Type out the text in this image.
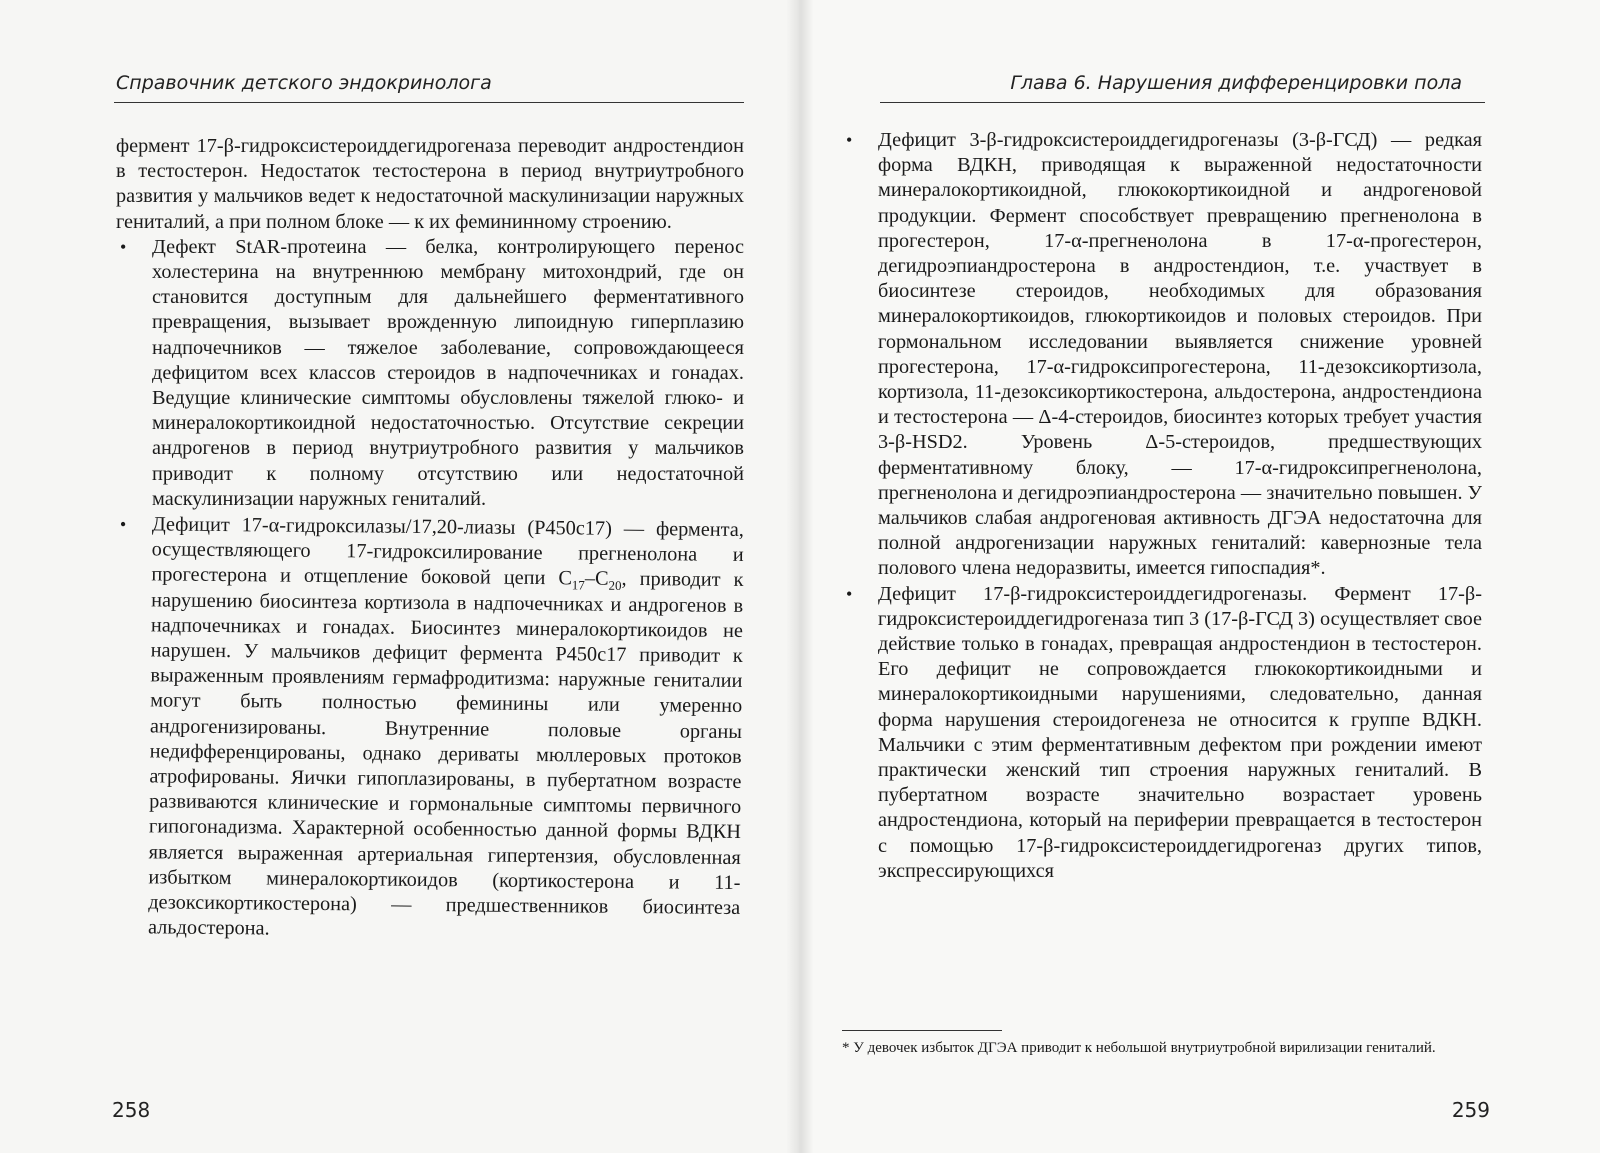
Справочник детского эндокринолога

фермент 17-β-гидроксистероиддегидрогеназа переводит андростендион в тестостерон. Недостаток тестостерона в период внутриутробного развития у мальчиков ведет к недостаточной маскулинизации наружных гениталий, а при полном блоке — к их фемининному строению.

• Дефект StAR-протеина — белка, контролирующего перенос холестерина на внутреннюю мембрану митохондрий, где он становится доступным для дальнейшего ферментативного превращения, вызывает врожденную липоидную гиперплазию надпочечников — тяжелое заболевание, сопровождающееся дефицитом всех классов стероидов в надпочечниках и гонадах. Ведущие клинические симптомы обусловлены тяжелой глюко- и минералокортикоидной недостаточностью. Отсутствие секреции андрогенов в период внутриутробного развития у мальчиков приводит к полному отсутствию или недостаточной маскулинизации наружных гениталий.
• Дефицит 17-α-гидроксилазы/17,20-лиазы (P450c17) — фермента, осуществляющего 17-гидроксилирование прегненолона и прогестерона и отщепление боковой цепи $C_{17}-C_{20}$, приводит к нарушению биосинтеза кортизола в надпочечниках и андрогенов в надпочечниках и гонадах. Биосинтез минералокортикоидов не нарушен. У мальчиков дефицит фермента P450c17 приводит к выраженным проявлениям гермафродитизма: наружные гениталии могут быть полностью феминины или умеренно андрогенизированы. Внутренние половые органы недифференцированы, однако дериваты мюллеровых протоков атрофированы. Яички гипоплазированы, в пубертатном возрасте развиваются клинические и гормональные симптомы первичного гипогонадизма. Характерной особенностью данной формы ВДКН является выраженная артериальная гипертензия, обусловленная избытком минералокортикоидов (кортикостерона и 11-дезоксикортикостерона) — предшественников биосинтеза альдостерона.
258
Глава 6. Нарушения дифференцировки пола
• Дефицит 3-β-гидроксистероиддегидрогеназы (3-β-ГСД) — редкая форма ВДКН, приводящая к выраженной недостаточности минералокортикоидной, глюкокортикоидной и андрогеновой продукции. Фермент способствует превращению прегненолона в прогестерон, 17-α-прегненолона в 17-α-прогестерон, дегидроэпиандростерона в андростендион, т.е. участвует в биосинтезе стероидов, необходимых для образования минералокортикоидов, глюкортикоидов и половых стероидов. При гормональном исследовании выявляется снижение уровней прогестерона, 17-α-гидроксипрогестерона, 11-дезоксикортизола, кортизола, 11-дезоксикортикостерона, альдостерона, андростендиона и тестостерона — Δ-4-стероидов, биосинтез которых требует участия 3-β-HSD2. Уровень Δ-5-стероидов, предшествующих ферментативному блоку, — 17-α-гидроксипрегненолона, прегненолона и дегидроэпиандростерона — значительно повышен. У мальчиков слабая андрогеновая активность ДГЭА недостаточна для полной андрогенизации наружных гениталий: кавернозные тела полового члена недоразвиты, имеется гипоспадия*.
• Дефицит 17-β-гидроксистероиддегидрогеназы. Фермент 17-β-гидроксистероиддегидрогеназа тип 3 (17-β-ГСД 3) осуществляет свое действие только в гонадах, превращая андростендион в тестостерон. Его дефицит не сопровождается глюкокортикоидными и минералокортикоидными нарушениями, следовательно, данная форма нарушения стероидогенеза не относится к группе ВДКН. Мальчики с этим ферментативным дефектом при рождении имеют практически женский тип строения наружных гениталий. В пубертатном возрасте значительно возрастает уровень андростендиона, который на периферии превращается в тестостерон с помощью 17-β-гидроксистероиддегидрогеназ других типов, экспрессирующихся
* У девочек избыток ДГЭА приводит к небольшой внутриутробной вирилизации гениталий.
259
